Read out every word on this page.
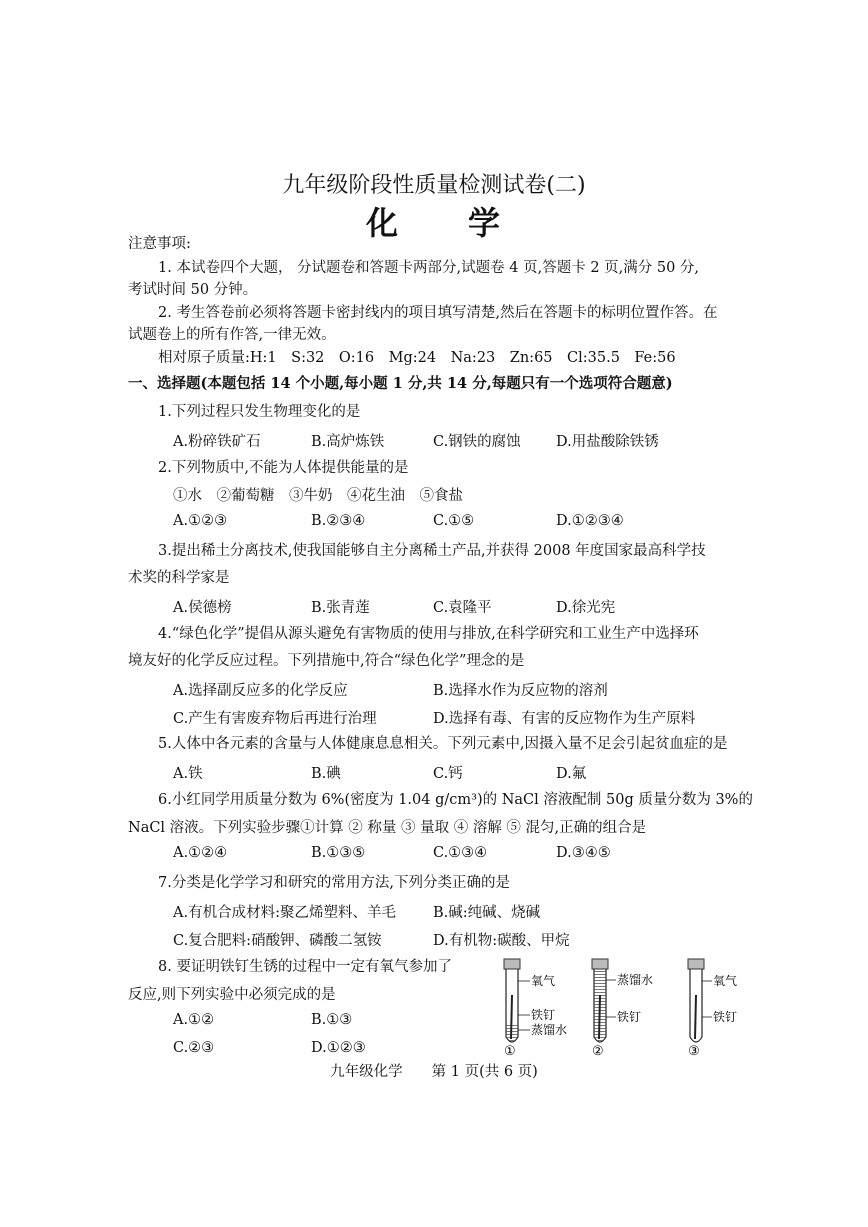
九年级阶段性质量检测试卷(二)
化　　学
注意事项:
1. 本试卷四个大题， 分试题卷和答题卡两部分,试题卷 4 页,答题卡 2 页,满分 50 分,
考试时间 50 分钟。
2. 考生答卷前必须将答题卡密封线内的项目填写清楚,然后在答题卡的标明位置作答。在
试题卷上的所有作答,一律无效。
相对原子质量:H:1　S:32　O:16　Mg:24　Na:23　Zn:65　Cl:35.5　Fe:56
一、选择题(本题包括 14 个小题,每小题 1 分,共 14 分,每题只有一个选项符合题意)
1.下列过程只发生物理变化的是
A.粉碎铁矿石	B.高炉炼铁	C.钢铁的腐蚀 D.用盐酸除铁锈
2.下列物质中,不能为人体提供能量的是
①水　②葡萄糖　③牛奶　④花生油　⑤食盐
A.①②③	B.②③④	C.①⑤	D.①②③④
3.提出稀土分离技术,使我国能够自主分离稀土产品,并获得 2008 年度国家最高科学技
术奖的科学家是
A.侯德榜	B.张青莲	C.袁隆平	D.徐光宪
4.“绿色化学”提倡从源头避免有害物质的使用与排放,在科学研究和工业生产中选择环
境友好的化学反应过程。下列措施中,符合“绿色化学”理念的是
A.选择副反应多的化学反应	B.选择水作为反应物的溶剂
C.产生有害废弃物后再进行治理	D.选择有毒、有害的反应物作为生产原料
5.人体中各元素的含量与人体健康息息相关。下列元素中,因摄入量不足会引起贫血症的是
A.铁	B.碘	C.钙	D.氟
6.小红同学用质量分数为 6%(密度为 1.04 g/cm³)的 NaCl 溶液配制 50g 质量分数为 3%的
NaCl 溶液。下列实验步骤①计算 ② 称量 ③ 量取 ④ 溶解 ⑤ 混匀,正确的组合是
A.①②④	B.①③⑤	C.①③④	D.③④⑤
7.分类是化学学习和研究的常用方法,下列分类正确的是
A.有机合成材料:聚乙烯塑料、羊毛	B.碱:纯碱、烧碱
C.复合肥料:硝酸钾、磷酸二氢铵	D.有机物:碳酸、甲烷
8. 要证明铁钉生锈的过程中一定有氧气参加了
反应,则下列实验中必须完成的是
A.①②	B.①③
C.②③	D.①②③
氧气
铁钉
蒸馏水
①
蒸馏水
铁钉
②
氧气
铁钉
③
九年级化学　　第 1 页(共 6 页)
